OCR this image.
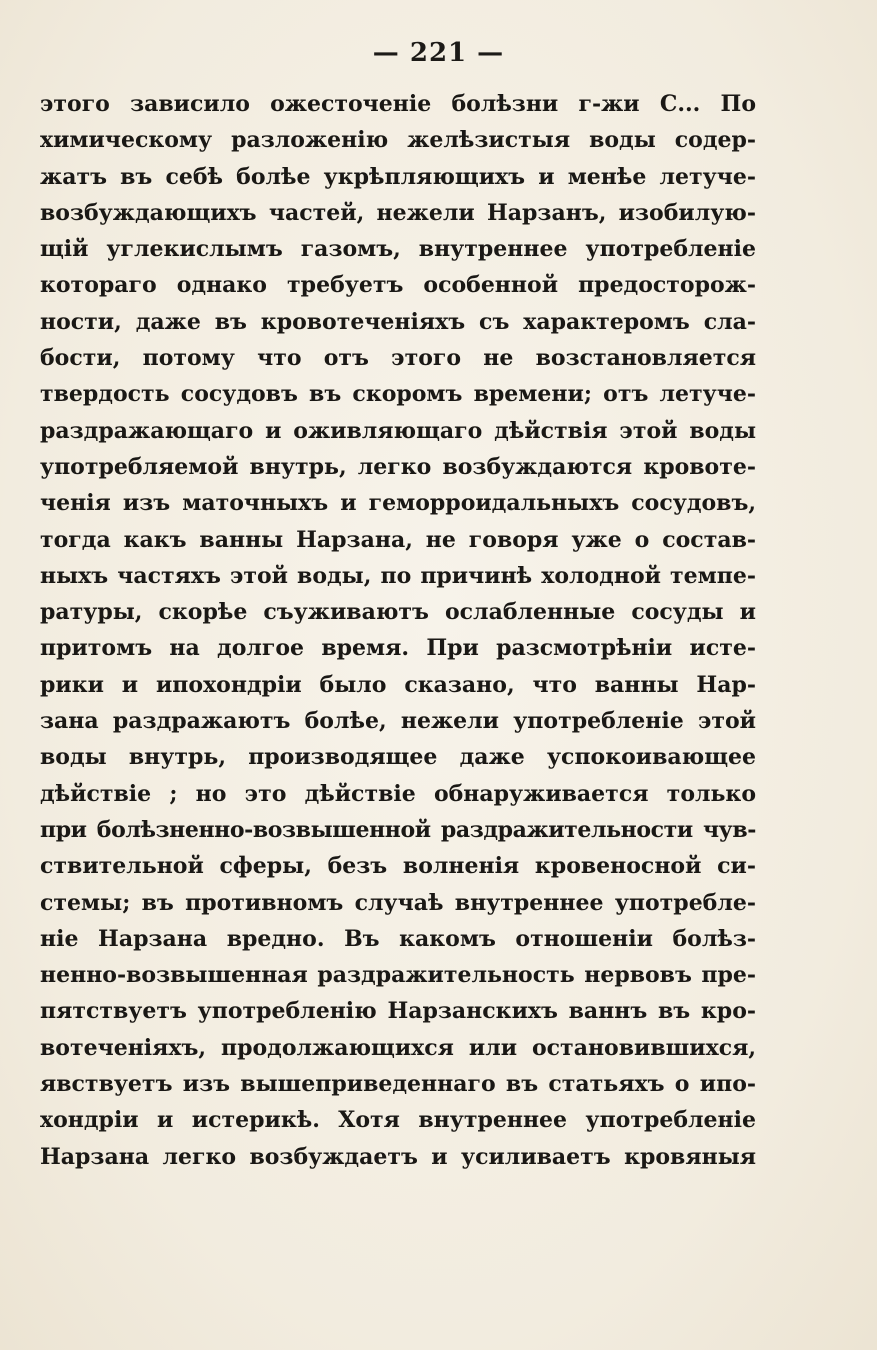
— 221 —
этого зависило ожесточеніе болѣзни г-жи С... По
химическому разложенію желѣзистыя воды содер-
жатъ въ себѣ болѣе укрѣпляющихъ и менѣе летуче-
возбуждающихъ частей, нежели Нарзанъ, изобилую-
щій углекислымъ газомъ, внутреннее употребленіе
котораго однако требуетъ особенной предосторож-
ности, даже въ кровотеченіяхъ съ характеромъ сла-
бости, потому что отъ этого не возстановляется
твердость сосудовъ въ скоромъ времени; отъ летуче-
раздражающаго и оживляющаго дѣйствія этой воды
употребляемой внутрь, легко возбуждаются кровоте-
ченія изъ маточныхъ и геморроидальныхъ сосудовъ,
тогда какъ ванны Нарзана, не говоря уже о состав-
ныхъ частяхъ этой воды, по причинѣ холодной темпе-
ратуры, скорѣе съуживаютъ ослабленные сосуды и
притомъ на долгое время. При разсмотрѣніи истe-
рики и ипохондріи было сказано, что ванны Нар-
зана раздражаютъ болѣе, нежели употребленіе этой
воды внутрь, производящее даже успокоивающее
дѣйствіе ; но это дѣйствіе обнаруживается только
при болѣзненно-возвышенной раздражительности чув-
ствительной сферы, безъ волненія кровеносной си-
стемы; въ противномъ случаѣ внутреннее употребле-
ніе Нарзана вредно. Въ какомъ отношеніи болѣз-
ненно-возвышенная раздражительность нервовъ пре-
пятствуетъ употребленію Нарзанскихъ ваннъ въ кро-
вотеченіяхъ, продолжающихся или остановившихся,
явствуетъ изъ вышеприведеннаго въ статьяхъ о ипо-
хондріи и истерикѣ. Хотя внутреннее употребленіе
Нарзана легко возбуждаетъ и усиливаетъ кровяныя
